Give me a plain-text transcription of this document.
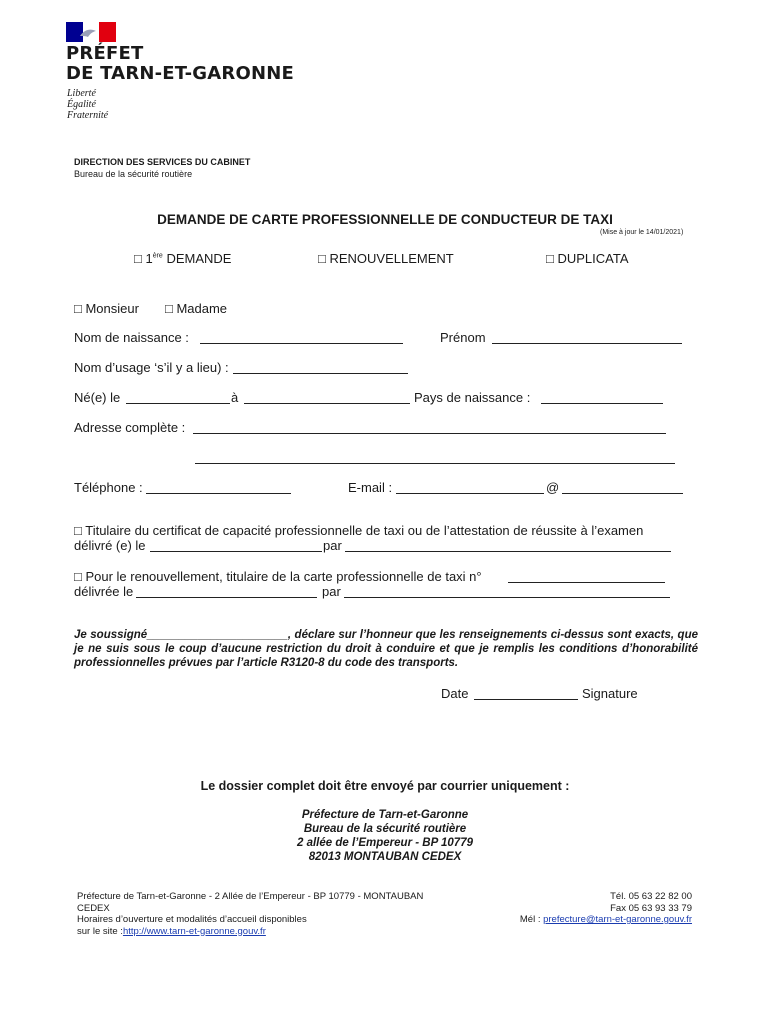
PRÉFET
DE TARN-ET-GARONNE
Liberté
Égalité
Fraternité
DIRECTION DES SERVICES DU CABINET
Bureau de la sécurité routière
DEMANDE DE CARTE PROFESSIONNELLE DE CONDUCTEUR DE TAXI
(Mise à jour le 14/01/2021)
□ 1ère DEMANDE	□ RENOUVELLEMENT	□ DUPLICATA
□ Monsieur □ Madame
Nom de naissance :	Prénom
Nom d’usage ‘s’il y a lieu) :
Né(e) le	à	Pays de naissance :
Adresse complète :
Téléphone :	E-mail :	@
□ Titulaire du certificat de capacité professionnelle de taxi ou de l’attestation de réussite à l’examen
délivré (e) le	par
□ Pour le renouvellement, titulaire de la carte professionnelle de taxi n°
délivrée le	par
Je soussigné______________________, déclare sur l’honneur que les renseignements ci-dessus sont exacts, que je ne suis sous le coup d’aucune restriction du droit à conduire et que je remplis les conditions d’honorabilité professionnelles prévues par l’article R3120-8 du code des transports.
Date	Signature
Le dossier complet doit être envoyé par courrier uniquement :
Préfecture de Tarn-et-Garonne
Bureau de la sécurité routière
2 allée de l’Empereur - BP 10779
82013 MONTAUBAN CEDEX
Préfecture de Tarn-et-Garonne - 2 Allée de l’Empereur - BP 10779 - MONTAUBAN
CEDEX
Horaires d’ouverture et modalités d’accueil disponibles
sur le site :http://www.tarn-et-garonne.gouv.fr
Tél. 05 63 22 82 00
Fax 05 63 93 33 79
Mél : prefecture@tarn-et-garonne.gouv.fr
